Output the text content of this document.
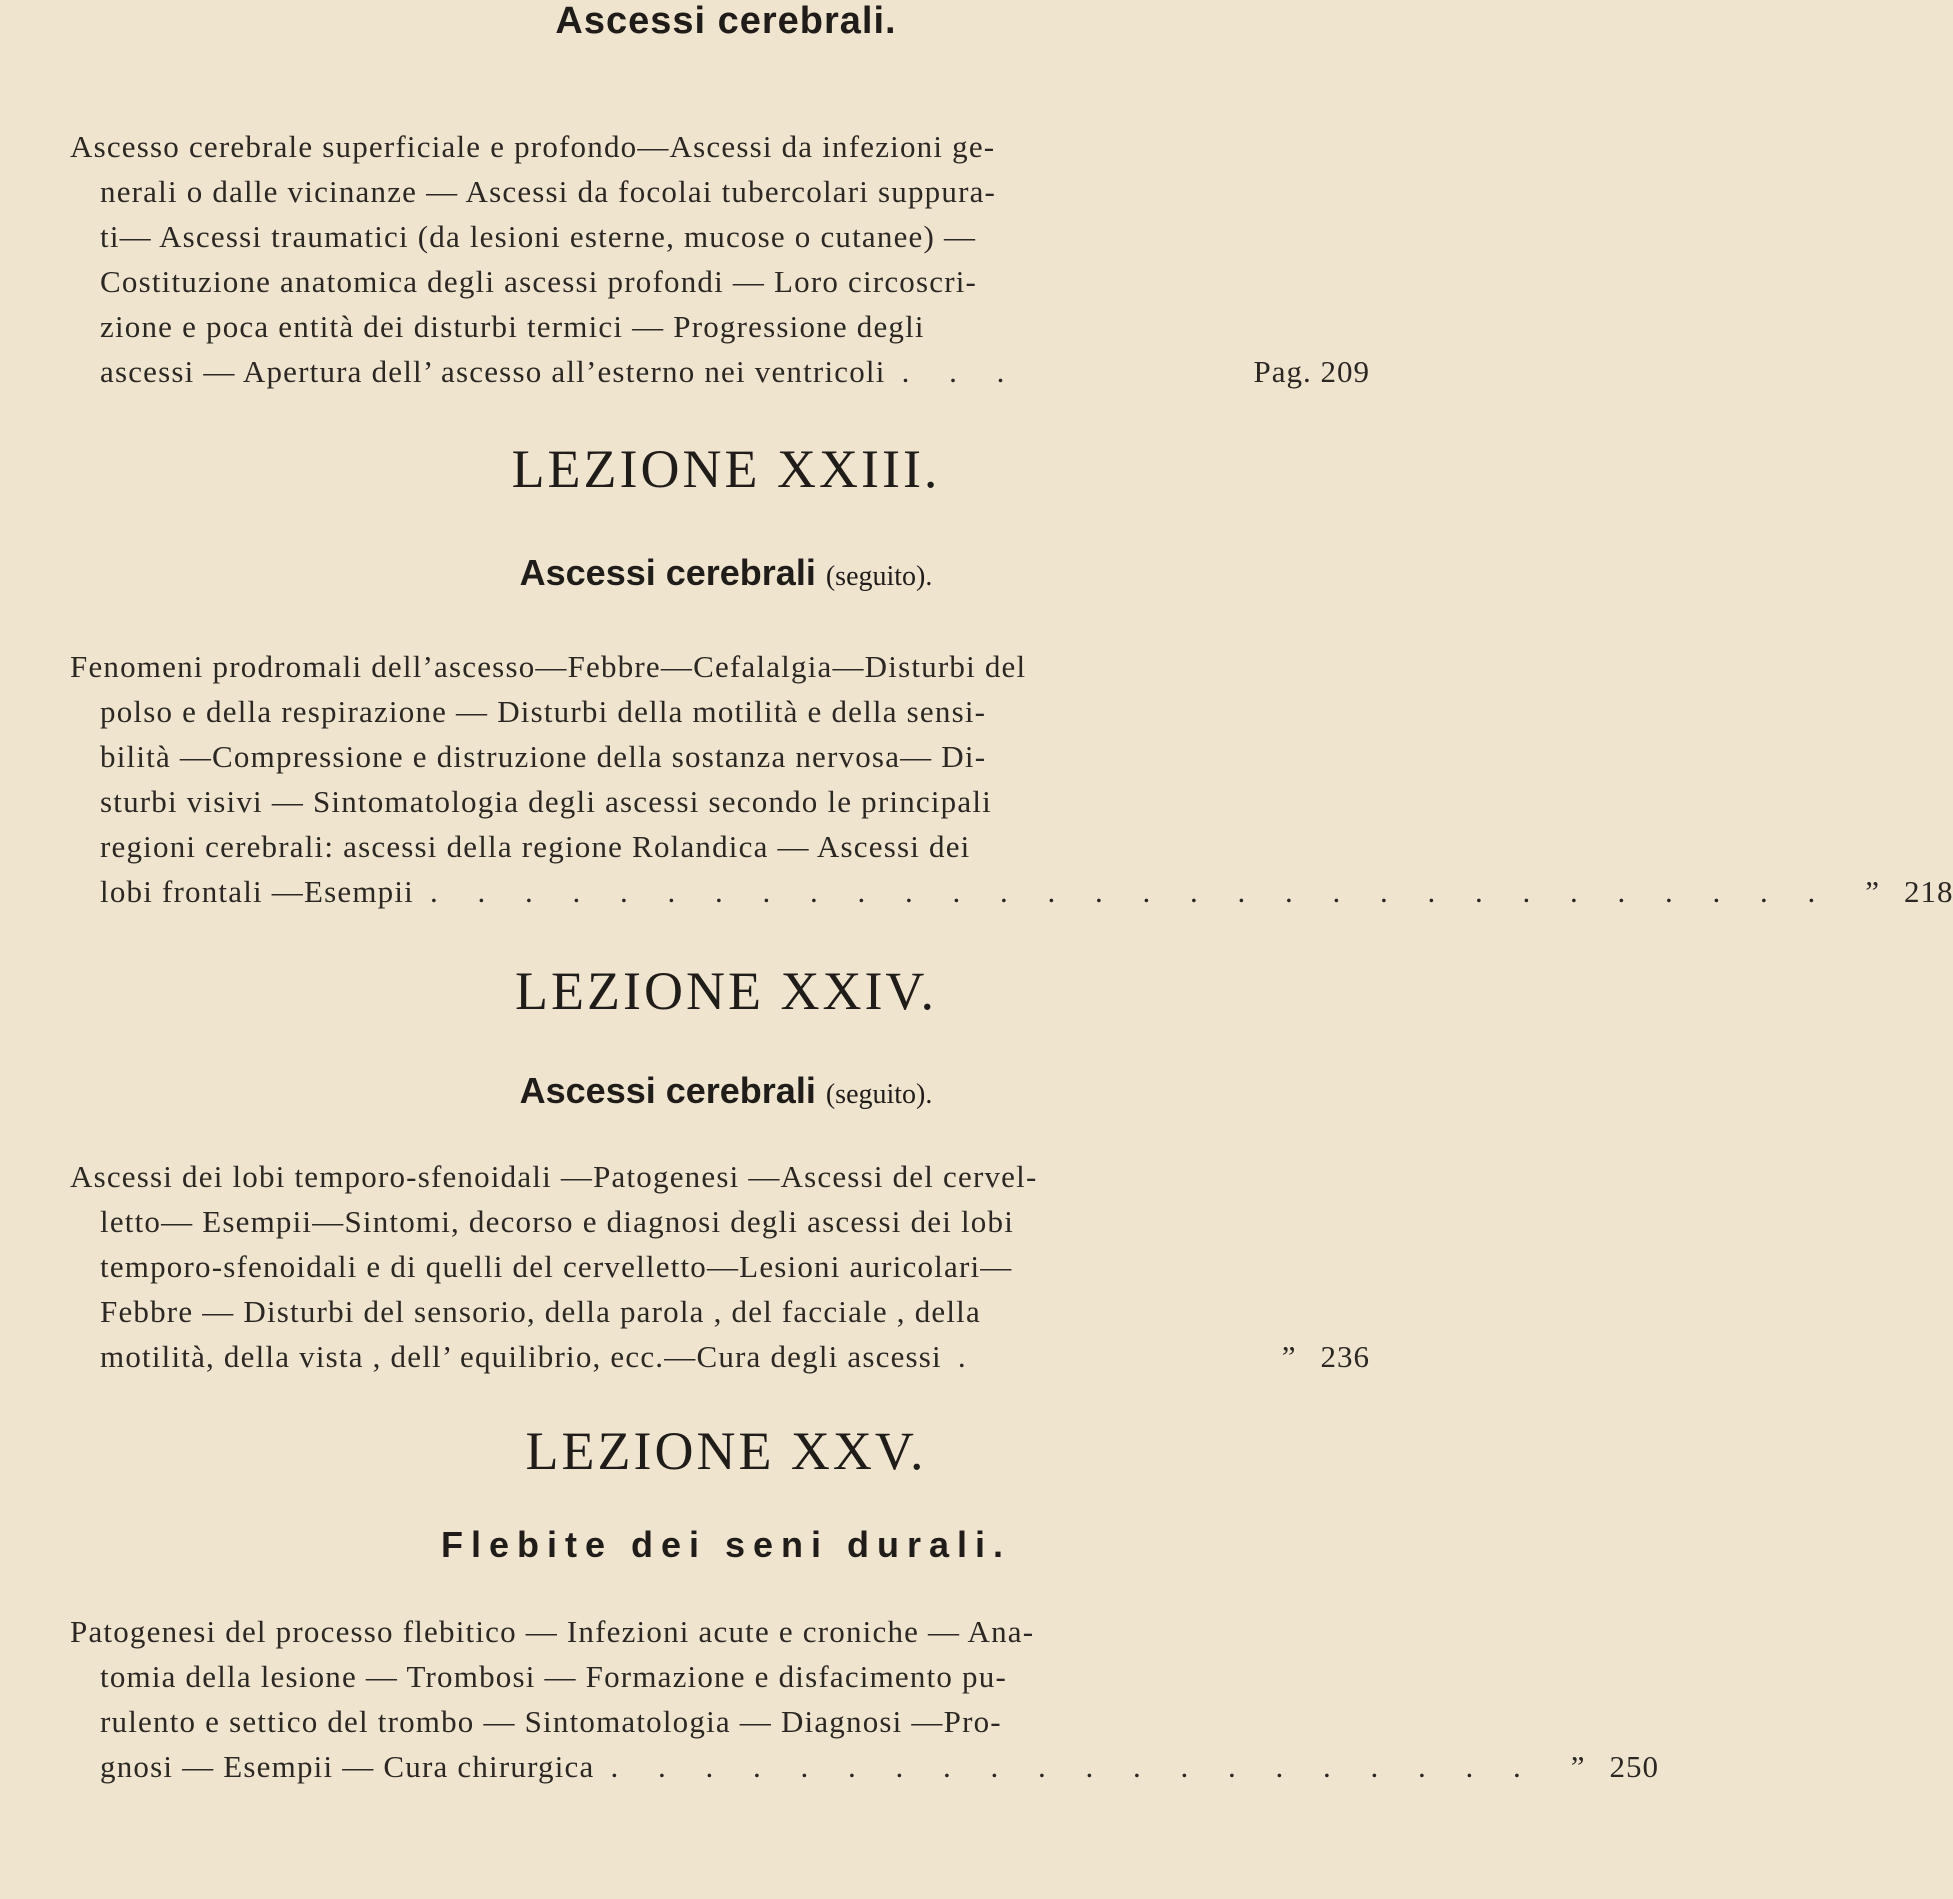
Ascessi cerebrali.
Ascesso cerebrale superficiale e profondo—Ascessi da infezioni ge-
nerali o dalle vicinanze — Ascessi da focolai tubercolari suppura-
ti— Ascessi traumatici (da lesioni esterne, mucose o cutanee) —
Costituzione anatomica degli ascessi profondi — Loro circoscri-
zione e poca entità dei disturbi termici — Progressione degli
ascessi — Apertura dell’ ascesso all’esterno nei ventricoli . . .	Pag. 209
LEZIONE XXIII.
Ascessi cerebrali (seguito).
Fenomeni prodromali dell’ascesso—Febbre—Cefalalgia—Disturbi del
polso e della respirazione — Disturbi della motilità e della sensi-
bilità —Compressione e distruzione della sostanza nervosa— Di-
sturbi visivi — Sintomatologia degli ascessi secondo le principali
regioni cerebrali: ascessi della regione Rolandica — Ascessi dei
lobi frontali —Esempii . . . . . . . . . . . . . . . . . . . . . . . . . . . . . . ” 218
LEZIONE XXIV.
Ascessi cerebrali (seguito).
Ascessi dei lobi temporo-sfenoidali —Patogenesi —Ascessi del cervel-
letto— Esempii—Sintomi, decorso e diagnosi degli ascessi dei lobi
temporo-sfenoidali e di quelli del cervelletto—Lesioni auricolari—
Febbre — Disturbi del sensorio, della parola , del facciale , della
motilità, della vista , dell’ equilibrio, ecc.—Cura degli ascessi .	” 236
LEZIONE XXV.
Flebite dei seni durali.
Patogenesi del processo flebitico — Infezioni acute e croniche — Ana-
tomia della lesione — Trombosi — Formazione e disfacimento pu-
rulento e settico del trombo — Sintomatologia — Diagnosi —Pro-
gnosi — Esempii — Cura chirurgica . . . . . . . . . . . . . . . . . . . . ” 250
